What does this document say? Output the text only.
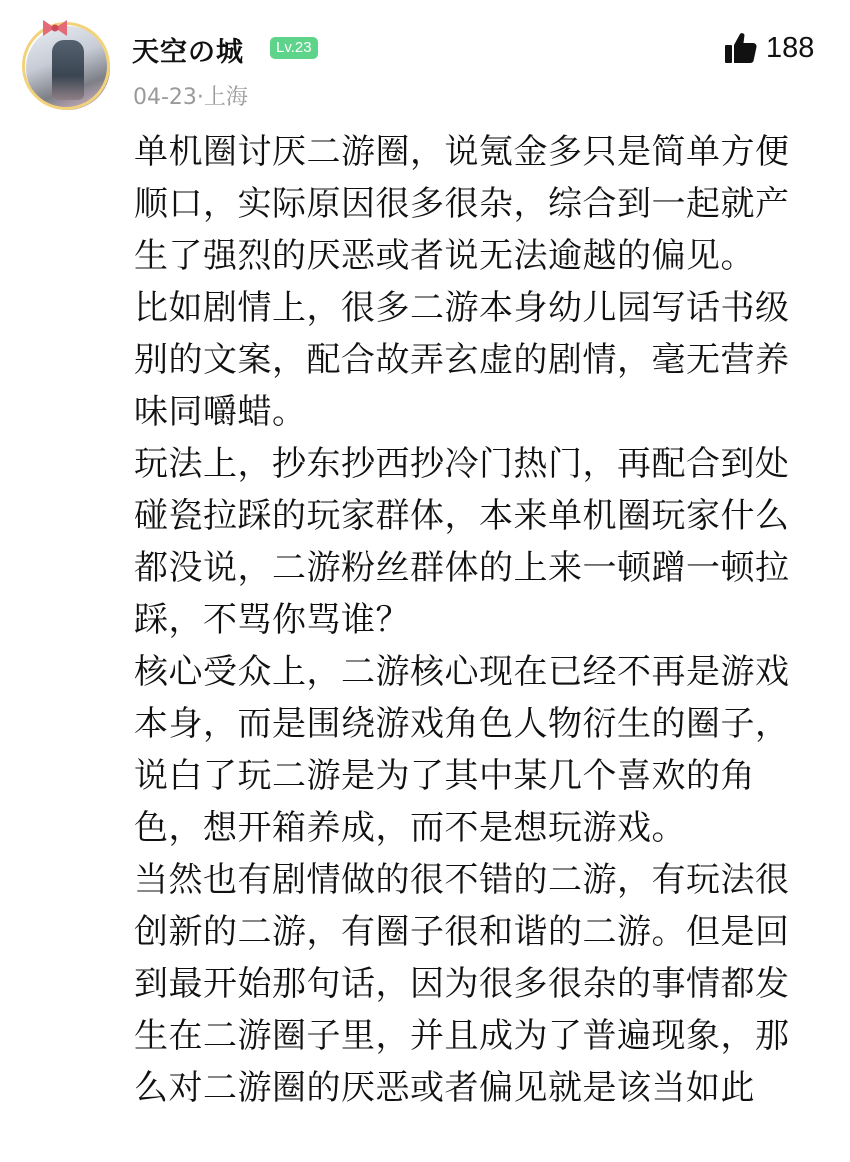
天空の城	Lv.23
04-23·上海
188

单机圈讨厌二游圈，说氪金多只是简单方便
顺口，实际原因很多很杂，综合到一起就产
生了强烈的厌恶或者说无法逾越的偏见。

比如剧情上，很多二游本身幼儿园写话书级
别的文案，配合故弄玄虚的剧情，毫无营养
味同嚼蜡。

玩法上，抄东抄西抄冷门热门，再配合到处
碰瓷拉踩的玩家群体，本来单机圈玩家什么
都没说，二游粉丝群体的上来一顿蹭一顿拉
踩，不骂你骂谁？

核心受众上，二游核心现在已经不再是游戏
本身，而是围绕游戏角色人物衍生的圈子，
说白了玩二游是为了其中某几个喜欢的角
色，想开箱养成，而不是想玩游戏。

当然也有剧情做的很不错的二游，有玩法很
创新的二游，有圈子很和谐的二游。但是回
到最开始那句话，因为很多很杂的事情都发
生在二游圈子里，并且成为了普遍现象，那
么对二游圈的厌恶或者偏见就是该当如此
